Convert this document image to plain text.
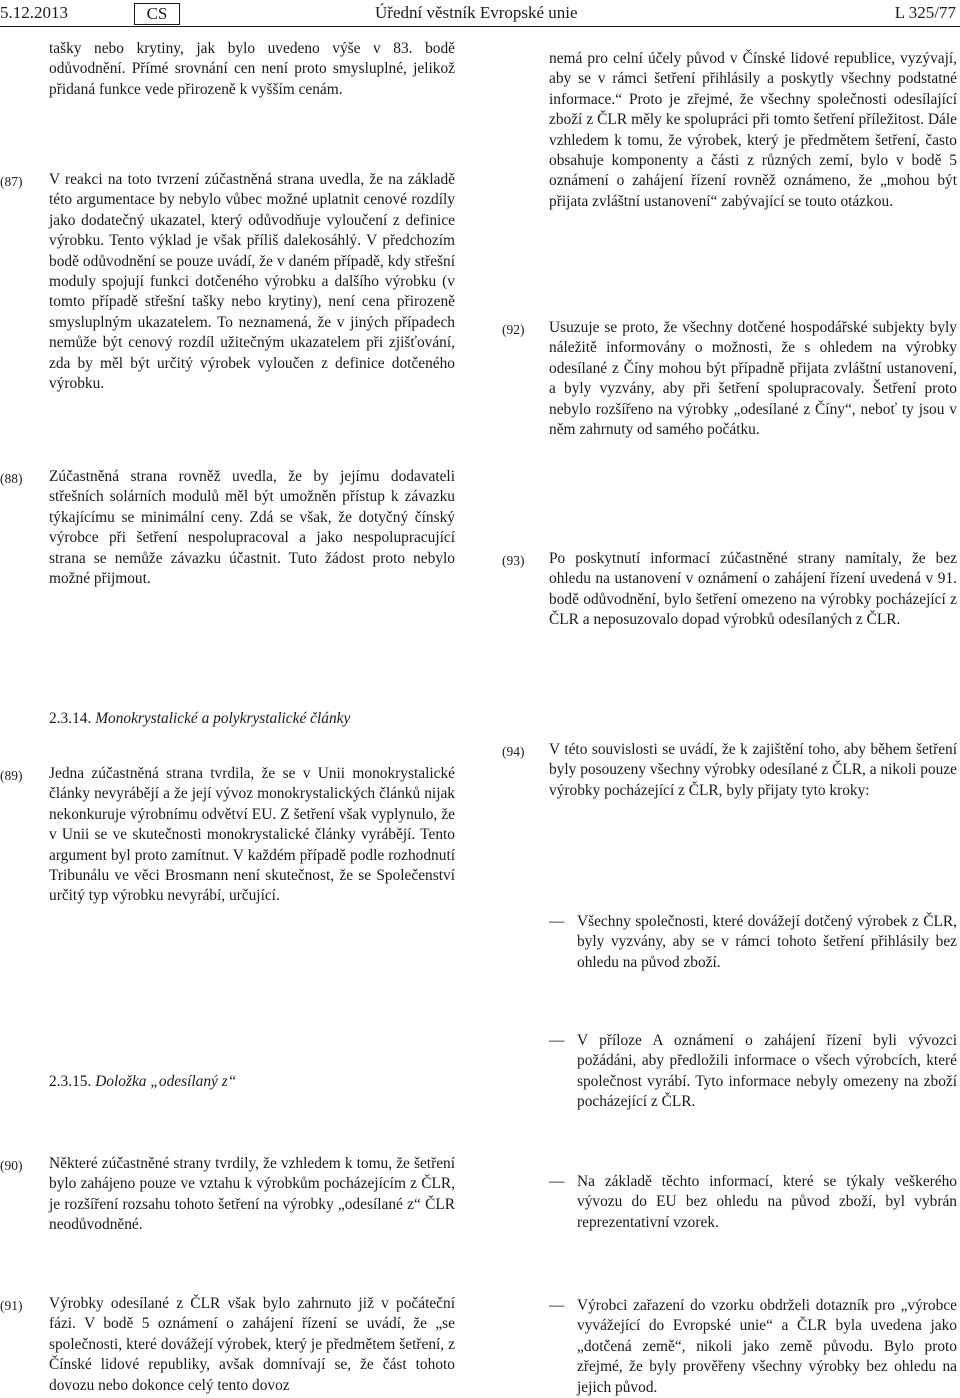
5.12.2013	CS	Úřední věstník Evropské unie	L 325/77
tašky nebo krytiny, jak bylo uvedeno výše v 83. bodě odůvodnění. Přímé srovnání cen není proto smysluplné, jelikož přidaná funkce vede přirozeně k vyšším cenám.
(87) V reakci na toto tvrzení zúčastněná strana uvedla, že na základě této argumentace by nebylo vůbec možné uplatnit cenové rozdíly jako dodatečný ukazatel, který odůvodňuje vyloučení z definice výrobku. Tento výklad je však příliš dalekosáhlý. V předchozím bodě odůvodnění se pouze uvádí, že v daném případě, kdy střešní moduly spojují funkci dotčeného výrobku a dalšího výrobku (v tomto případě střešní tašky nebo krytiny), není cena přirozeně smysluplným ukazatelem. To neznamená, že v jiných případech nemůže být cenový rozdíl užitečným ukazatelem při zjišťování, zda by měl být určitý výrobek vyloučen z definice dotčeného výrobku.
(88) Zúčastněná strana rovněž uvedla, že by jejímu dodavateli střešních solárních modulů měl být umožněn přístup k závazku týkajícímu se minimální ceny. Zdá se však, že dotyčný čínský výrobce při šetření nespolupracoval a jako nespolupracující strana se nemůže závazku účastnit. Tuto žádost proto nebylo možné přijmout.
2.3.14. Monokrystalické a polykrystalické články
(89) Jedna zúčastněná strana tvrdila, že se v Unii monokrystalické články nevyrábějí a že její vývoz monokrystalických článků nijak nekonkuruje výrobnímu odvětví EU. Z šetření však vyplynulo, že v Unii se ve skutečnosti monokrystalické články vyrábějí. Tento argument byl proto zamítnut. V každém případě podle rozhodnutí Tribunálu ve věci Brosmann není skutečnost, že se Společenství určitý typ výrobku nevyrábí, určující.
2.3.15. Doložka „odesílaný z“
(90) Některé zúčastněné strany tvrdily, že vzhledem k tomu, že šetření bylo zahájeno pouze ve vztahu k výrobkům pocházejícím z ČLR, je rozšíření rozsahu tohoto šetření na výrobky „odesílané z“ ČLR neodůvodněné.
(91) Výrobky odesílané z ČLR však bylo zahrnuto již v počáteční fázi. V bodě 5 oznámení o zahájení řízení se uvádí, že „se společnosti, které dovážejí výrobek, který je předmětem šetření, z Čínské lidové republiky, avšak domnívají se, že část tohoto dovozu nebo dokonce celý tento dovoz
nemá pro celní účely původ v Čínské lidové republice, vyzývají, aby se v rámci šetření přihlásily a poskytly všechny podstatné informace.“ Proto je zřejmé, že všechny společnosti odesílající zboží z ČLR měly ke spolupráci při tomto šetření příležitost. Dále vzhledem k tomu, že výrobek, který je předmětem šetření, často obsahuje komponenty a části z různých zemí, bylo v bodě 5 oznámení o zahájení řízení rovněž oznámeno, že „mohou být přijata zvláštní ustanovení“ zabývající se touto otázkou.
(92) Usuzuje se proto, že všechny dotčené hospodářské subjekty byly náležitě informovány o možnosti, že s ohledem na výrobky odesílané z Číny mohou být případně přijata zvláštní ustanovení, a byly vyzvány, aby při šetření spolupracovaly. Šetření proto nebylo rozšířeno na výrobky „odesílané z Číny“, neboť ty jsou v něm zahrnuty od samého počátku.
(93) Po poskytnutí informací zúčastněné strany namítaly, že bez ohledu na ustanovení v oznámení o zahájení řízení uvedená v 91. bodě odůvodnění, bylo šetření omezeno na výrobky pocházející z ČLR a neposuzovalo dopad výrobků odesílaných z ČLR.
(94) V této souvislosti se uvádí, že k zajištění toho, aby během šetření byly posouzeny všechny výrobky odesílané z ČLR, a nikoli pouze výrobky pocházející z ČLR, byly přijaty tyto kroky:
— Všechny společnosti, které dovážejí dotčený výrobek z ČLR, byly vyzvány, aby se v rámci tohoto šetření přihlásily bez ohledu na původ zboží.
— V příloze A oznámení o zahájení řízení byli vývozci požádáni, aby předložili informace o všech výrobcích, které společnost vyrábí. Tyto informace nebyly omezeny na zboží pocházející z ČLR.
— Na základě těchto informací, které se týkaly veškerého vývozu do EU bez ohledu na původ zboží, byl vybrán reprezentativní vzorek.
— Výrobci zařazení do vzorku obdrželi dotazník pro „výrobce vyvážející do Evropské unie“ a ČLR byla uvedena jako „dotčená země“, nikoli jako země původu. Bylo proto zřejmé, že byly prověřeny všechny výrobky bez ohledu na jejich původ.
